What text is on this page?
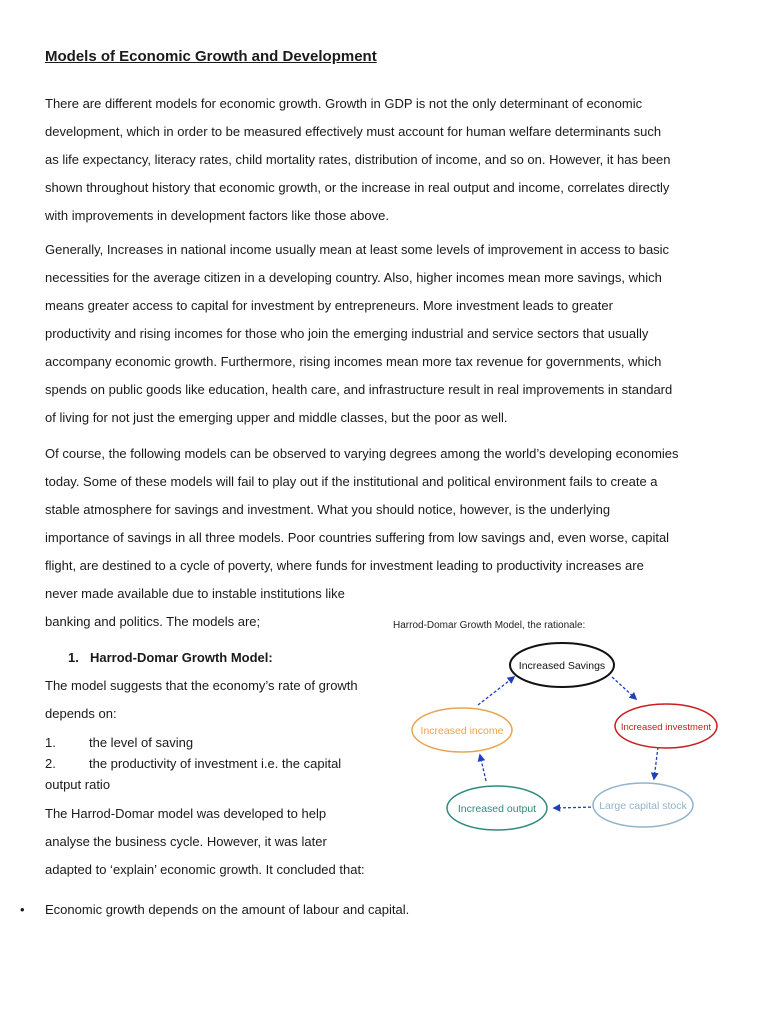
Models of Economic Growth and Development
There are different models for economic growth. Growth in GDP is not the only determinant of economic
development, which in order to be measured effectively must account for human welfare determinants such
as life expectancy, literacy rates, child mortality rates, distribution of income, and so on. However, it has been
shown throughout history that economic growth, or the increase in real output and income, correlates directly
with improvements in development factors like those above.
Generally, Increases in national income usually mean at least some levels of improvement in access to basic
necessities for the average citizen in a developing country. Also, higher incomes mean more savings, which
means greater access to capital for investment by entrepreneurs. More investment leads to greater
productivity and rising incomes for those who join the emerging industrial and service sectors that usually
accompany economic growth. Furthermore, rising incomes mean more tax revenue for governments, which
spends on public goods like education, health care, and infrastructure result in real improvements in standard
of living for not just the emerging upper and middle classes, but the poor as well.
Of course, the following models can be observed to varying degrees among the world’s developing economies
today. Some of these models will fail to play out if the institutional and political environment fails to create a
stable atmosphere for savings and investment. What you should notice, however, is the underlying
importance of savings in all three models. Poor countries suffering from low savings and, even worse, capital
flight, are destined to a cycle of poverty, where funds for investment leading to productivity increases are
never made available due to instable institutions like

banking and politics. The models are;

1. Harrod-Domar Growth Model:

The model suggests that the economy’s rate of growth

depends on:

1.	the level of saving

2.	the productivity of investment i.e. the capital

output ratio

The Harrod-Domar model was developed to help

analyse the business cycle. However, it was later

adapted to ‘explain’ economic growth. It concluded that:

• Economic growth depends on the amount of labour and capital.

Harrod-Domar Growth Model, the rationale:
Increased Savings
Increased investment
Large capital stock
Increased output
Increased income
